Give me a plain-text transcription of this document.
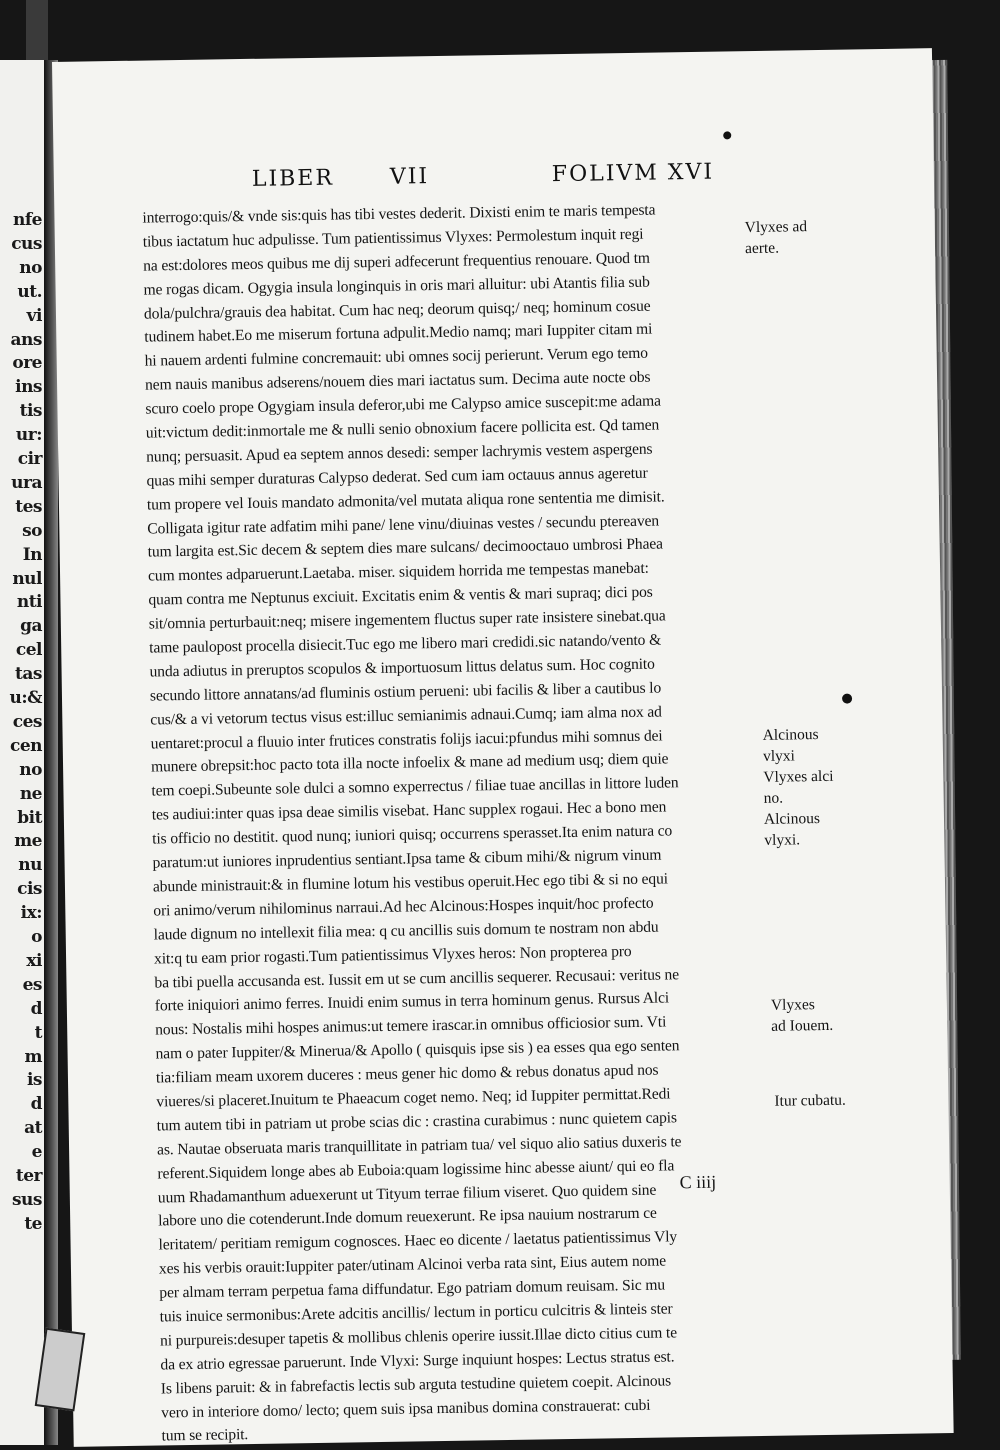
nfe
cus
no
ut.
vi
ans
ore
ins
tis
ur:
cir
ura
tes
so
In
nul
nti
ga
cel
tas
u:&
ces
cen
no
ne
bit
me
nu
cis
ix:
o
xi
es
d
t
m
is
d
at
e
ter
sus
te
LIBER	VII	FOLIVM XVI
interrogo:quis/& vnde sis:quis has tibi vestes dederit. Dixisti enim te maris tempesta
tibus iactatum huc adpulisse. Tum patientissimus Vlyxes: Permolestum inquit regi
na est:dolores meos quibus me dij superi adfecerunt frequentius renouare. Quod tm
me rogas dicam. Ogygia insula longinquis in oris mari alluitur: ubi Atantis filia sub
dola/pulchra/grauis dea habitat. Cum hac neq; deorum quisq;/ neq; hominum cosue
tudinem habet.Eo me miserum fortuna adpulit.Medio namq; mari Iuppiter citam mi
hi nauem ardenti fulmine concremauit: ubi omnes socij perierunt. Verum ego temo
nem nauis manibus adserens/nouem dies mari iactatus sum. Decima aute nocte obs
scuro coelo prope Ogygiam insula deferor,ubi me Calypso amice suscepit:me adama
uit:victum dedit:inmortale me & nulli senio obnoxium facere pollicita est. Qd tamen
nunq; persuasit. Apud ea septem annos desedi: semper lachrymis vestem aspergens
quas mihi semper duraturas Calypso dederat. Sed cum iam octauus annus ageretur
tum propere vel Iouis mandato admonita/vel mutata aliqua rone sententia me dimisit.
Colligata igitur rate adfatim mihi pane/ lene vinu/diuinas vestes / secundu ptereaven
tum largita est.Sic decem & septem dies mare sulcans/ decimooctauo umbrosi Phaea
cum montes adparuerunt.Laetaba. miser. siquidem horrida me tempestas manebat:
quam contra me Neptunus exciuit. Excitatis enim & ventis & mari supraq; dici pos
sit/omnia perturbauit:neq; misere ingementem fluctus super rate insistere sinebat.qua
tame paulopost procella disiecit.Tuc ego me libero mari credidi.sic natando/vento &
unda adiutus in preruptos scopulos & importuosum littus delatus sum. Hoc cognito
secundo littore annatans/ad fluminis ostium perueni: ubi facilis & liber a cautibus lo
cus/& a vi vetorum tectus visus est:illuc semianimis adnaui.Cumq; iam alma nox ad
uentaret:procul a fluuio inter frutices constratis folijs iacui:pfundus mihi somnus dei
munere obrepsit:hoc pacto tota illa nocte infoelix & mane ad medium usq; diem quie
tem coepi.Subeunte sole dulci a somno experrectus / filiae tuae ancillas in littore luden
tes audiui:inter quas ipsa deae similis visebat. Hanc supplex rogaui. Hec a bono men
tis officio no destitit. quod nunq; iuniori quisq; occurrens sperasset.Ita enim natura co
paratum:ut iuniores inprudentius sentiant.Ipsa tame & cibum mihi/& nigrum vinum
abunde ministrauit:& in flumine lotum his vestibus operuit.Hec ego tibi & si no equi
ori animo/verum nihilominus narraui.Ad hec Alcinous:Hospes inquit/hoc profecto
laude dignum no intellexit filia mea: q cu ancillis suis domum te nostram non abdu
xit:q tu eam prior rogasti.Tum patientissimus Vlyxes heros: Non propterea pro
ba tibi puella accusanda est. Iussit em ut se cum ancillis sequerer. Recusaui: veritus ne
forte iniquiori animo ferres. Inuidi enim sumus in terra hominum genus. Rursus Alci
nous: Nostalis mihi hospes animus:ut temere irascar.in omnibus officiosior sum. Vti
nam o pater Iuppiter/& Minerua/& Apollo ( quisquis ipse sis ) ea esses qua ego senten
tia:filiam meam uxorem duceres : meus gener hic domo & rebus donatus apud nos
viueres/si placeret.Inuitum te Phaeacum coget nemo. Neq; id Iuppiter permittat.Redi
tum autem tibi in patriam ut probe scias dic : crastina curabimus : nunc quietem capis
as. Nautae obseruata maris tranquillitate in patriam tua/ vel siquo alio satius duxeris te
referent.Siquidem longe abes ab Euboia:quam logissime hinc abesse aiunt/ qui eo fla
uum Rhadamanthum aduexerunt ut Tityum terrae filium viseret. Quo quidem sine
labore uno die cotenderunt.Inde domum reuexerunt. Re ipsa nauium nostrarum ce
leritatem/ peritiam remigum cognosces. Haec eo dicente / laetatus patientissimus Vly
xes his verbis orauit:Iuppiter pater/utinam Alcinoi verba rata sint, Eius autem nome
per almam terram perpetua fama diffundatur. Ego patriam domum reuisam. Sic mu
tuis inuice sermonibus:Arete adcitis ancillis/ lectum in porticu culcitris & linteis ster
ni purpureis:desuper tapetis & mollibus chlenis operire iussit.Illae dicto citius cum te
da ex atrio egressae paruerunt. Inde Vlyxi: Surge inquiunt hospes: Lectus stratus est.
Is libens paruit: & in fabrefactis lectis sub arguta testudine quietem coepit. Alcinous
vero in interiore domo/ lecto; quem suis ipsa manibus domina constrauerat: cubi
tum se recipit.
C iiij
Vlyxes ad
aerte.
Alcinous
vlyxi
Vlyxes alci
no.
Alcinous
vlyxi.
Vlyxes
ad Iouem.
Itur cubatu.
